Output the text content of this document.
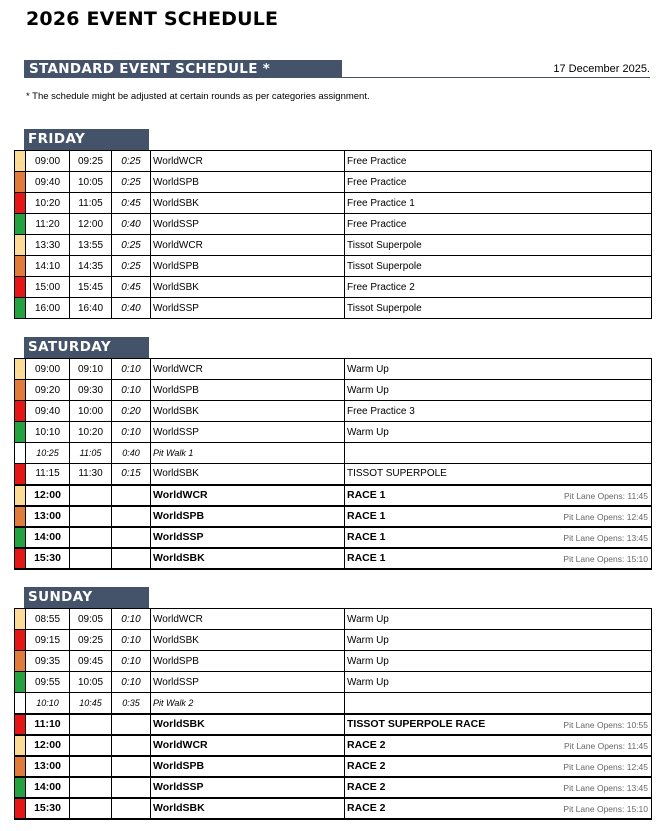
2026 EVENT SCHEDULE
STANDARD EVENT SCHEDULE *	17 December 2025.
* The schedule might be adjusted at certain rounds as per categories assignment.
FRIDAY
	09:00	09:25	0:25	WorldWCR	Free Practice
	09:40	10:05	0:25	WorldSPB	Free Practice
	10:20	11:05	0:45	WorldSBK	Free Practice 1
	11:20	12:00	0:40	WorldSSP	Free Practice
	13:30	13:55	0:25	WorldWCR	Tissot Superpole
	14:10	14:35	0:25	WorldSPB	Tissot Superpole
	15:00	15:45	0:45	WorldSBK	Free Practice 2
	16:00	16:40	0:40	WorldSSP	Tissot Superpole
SATURDAY
	09:00	09:10	0:10	WorldWCR	Warm Up
	09:20	09:30	0:10	WorldSPB	Warm Up
	09:40	10:00	0:20	WorldSBK	Free Practice 3
	10:10	10:20	0:10	WorldSSP	Warm Up
	10:25	11:05	0:40	Pit Walk 1	
	11:15	11:30	0:15	WorldSBK	TISSOT SUPERPOLE
	12:00			WorldWCR	RACE 1 Pit Lane Opens: 11:45

	13:00			WorldSPB	RACE 1 Pit Lane Opens: 12:45

	14:00			WorldSSP	RACE 1 Pit Lane Opens: 13:45

	15:30			WorldSBK	RACE 1 Pit Lane Opens: 15:10
SUNDAY
	08:55	09:05	0:10	WorldWCR	Warm Up
	09:15	09:25	0:10	WorldSBK	Warm Up
	09:35	09:45	0:10	WorldSPB	Warm Up
	09:55	10:05	0:10	WorldSSP	Warm Up
	10:10	10:45	0:35	Pit Walk 2	
	11:10			WorldSBK	TISSOT SUPERPOLE RACE Pit Lane Opens: 10:55

	12:00			WorldWCR	RACE 2 Pit Lane Opens: 11:45

	13:00			WorldSPB	RACE 2 Pit Lane Opens: 12:45

	14:00			WorldSSP	RACE 2 Pit Lane Opens: 13:45

	15:30			WorldSBK	RACE 2 Pit Lane Opens: 15:10
